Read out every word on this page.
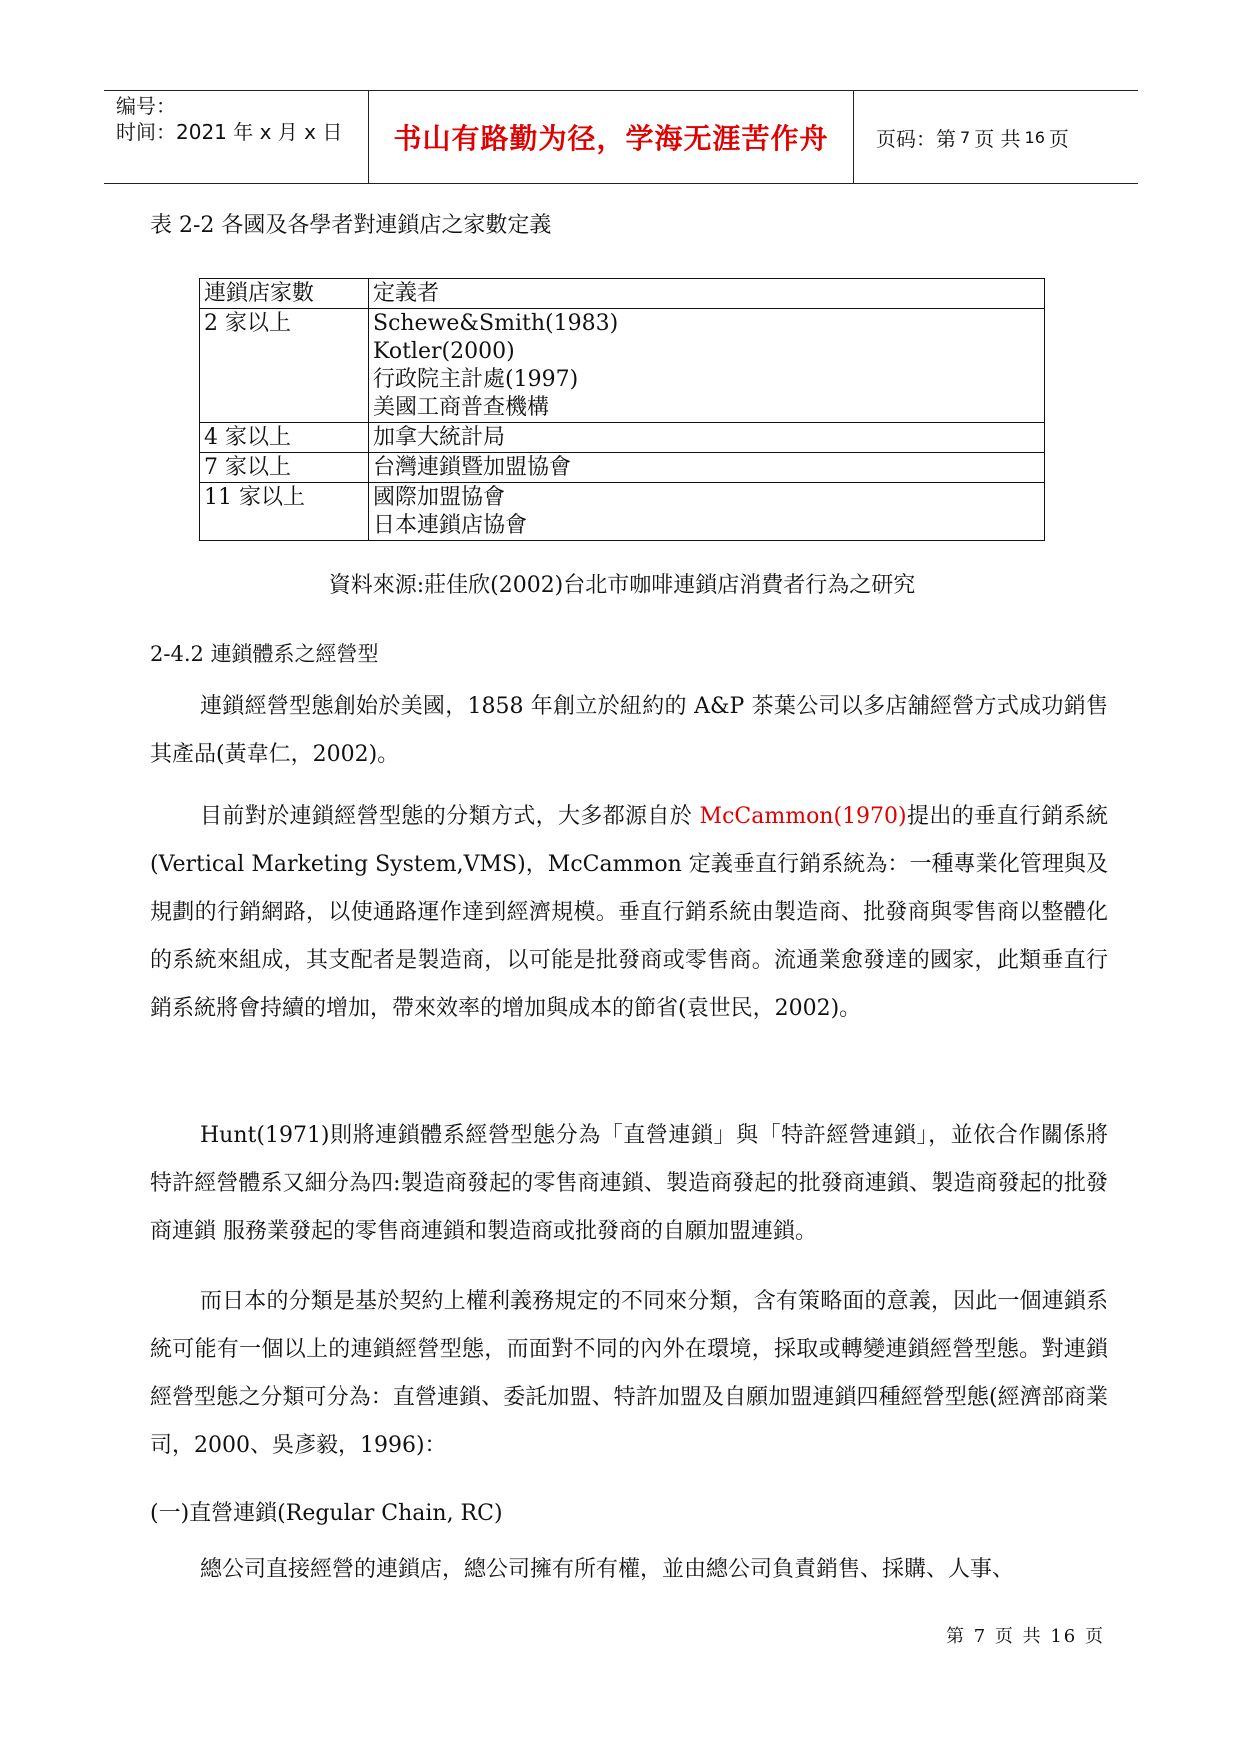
编号：
时间：2021 年 x 月 x 日	书山有路勤为径，学海无涯苦作舟	页码：第 7 页 共 16 页
表 2-2 各國及各學者對連鎖店之家數定義
連鎖店家數	定義者
2 家以上	Schewe&Smith(1983)
Kotler(2000)
行政院主計處(1997)
美國工商普查機構

4 家以上	加拿大統計局

7 家以上	台灣連鎖暨加盟協會

11 家以上	國際加盟協會
日本連鎖店協會
資料來源:莊佳欣(2002)台北市咖啡連鎖店消費者行為之研究
2-4.2 連鎖體系之經營型

連鎖經營型態創始於美國，1858 年創立於紐約的 A&P 茶葉公司以多店舖經營方式成功銷售其產品(黃韋仁，2002)。

目前對於連鎖經營型態的分類方式，大多都源自於 McCammon(1970)提出的垂直行銷系統(Vertical Marketing System,VMS)，McCammon 定義垂直行銷系統為：一種專業化管理與及規劃的行銷網路，以使通路運作達到經濟規模。垂直行銷系統由製造商、批發商與零售商以整體化的系統來組成，其支配者是製造商，以可能是批發商或零售商。流通業愈發達的國家，此類垂直行銷系統將會持續的增加，帶來效率的增加與成本的節省(袁世民，2002)。

Hunt(1971)則將連鎖體系經營型態分為「直營連鎖」與「特許經營連鎖」，並依合作關係將特許經營體系又細分為四:製造商發起的零售商連鎖、製造商發起的批發商連鎖、製造商發起的批發商連鎖 服務業發起的零售商連鎖和製造商或批發商的自願加盟連鎖。

而日本的分類是基於契約上權利義務規定的不同來分類，含有策略面的意義，因此一個連鎖系統可能有一個以上的連鎖經營型態，而面對不同的內外在環境，採取或轉變連鎖經營型態。對連鎖經營型態之分類可分為：直營連鎖、委託加盟、特許加盟及自願加盟連鎖四種經營型態(經濟部商業司，2000、吳彥毅，1996)：

(一)直營連鎖(Regular Chain, RC)

總公司直接經營的連鎖店，總公司擁有所有權，並由總公司負責銷售、採購、人事、

第 7 页 共 16 页
